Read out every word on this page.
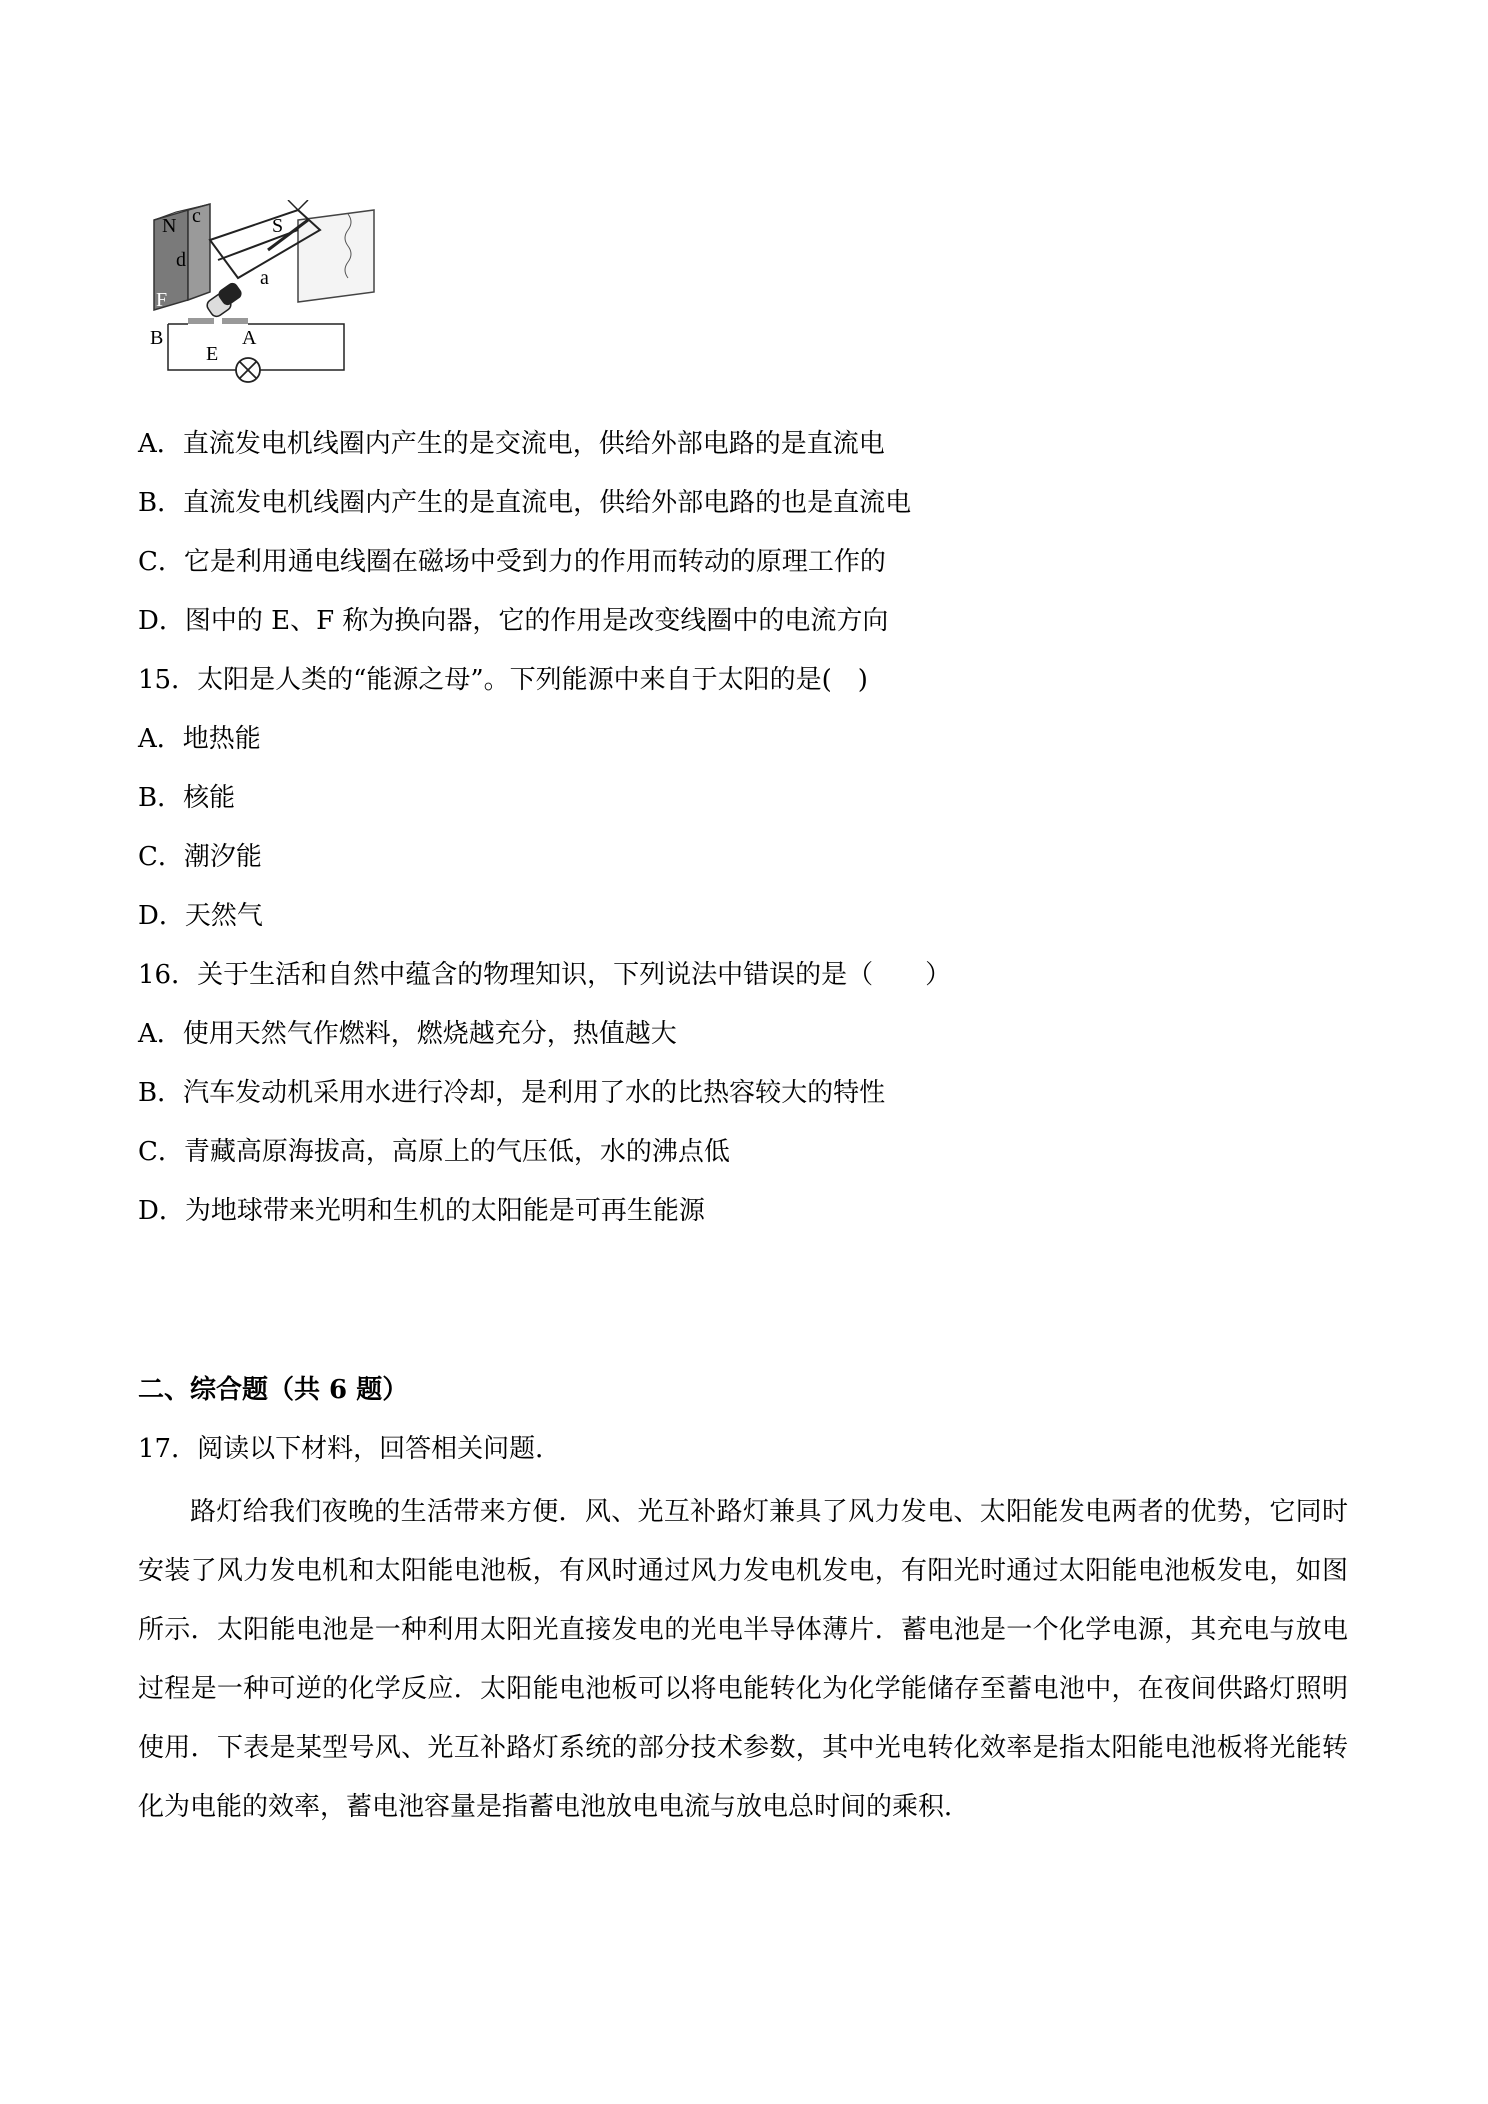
N c
d
S
a
F
B
E
A
A．直流发电机线圈内产生的是交流电，供给外部电路的是直流电
B．直流发电机线圈内产生的是直流电，供给外部电路的也是直流电
C．它是利用通电线圈在磁场中受到力的作用而转动的原理工作的
D．图中的 E、F 称为换向器，它的作用是改变线圈中的电流方向
15．太阳是人类的“能源之母”。下列能源中来自于太阳的是(　)
A．地热能
B．核能
C．潮汐能
D．天然气
16．关于生活和自然中蕴含的物理知识，下列说法中错误的是（　　）
A．使用天然气作燃料，燃烧越充分，热值越大
B．汽车发动机采用水进行冷却，是利用了水的比热容较大的特性
C．青藏高原海拔高，高原上的气压低，水的沸点低
D．为地球带来光明和生机的太阳能是可再生能源
二、综合题（共 6 题）
17．阅读以下材料，回答相关问题．

路灯给我们夜晚的生活带来方便．风、光互补路灯兼具了风力发电、太阳能发电两者的优势，它同时安装了风力发电机和太阳能电池板，有风时通过风力发电机发电，有阳光时通过太阳能电池板发电，如图所示．太阳能电池是一种利用太阳光直接发电的光电半导体薄片．蓄电池是一个化学电源，其充电与放电过程是一种可逆的化学反应．太阳能电池板可以将电能转化为化学能储存至蓄电池中，在夜间供路灯照明使用．下表是某型号风、光互补路灯系统的部分技术参数，其中光电转化效率是指太阳能电池板将光能转化为电能的效率，蓄电池容量是指蓄电池放电电流与放电总时间的乘积．
